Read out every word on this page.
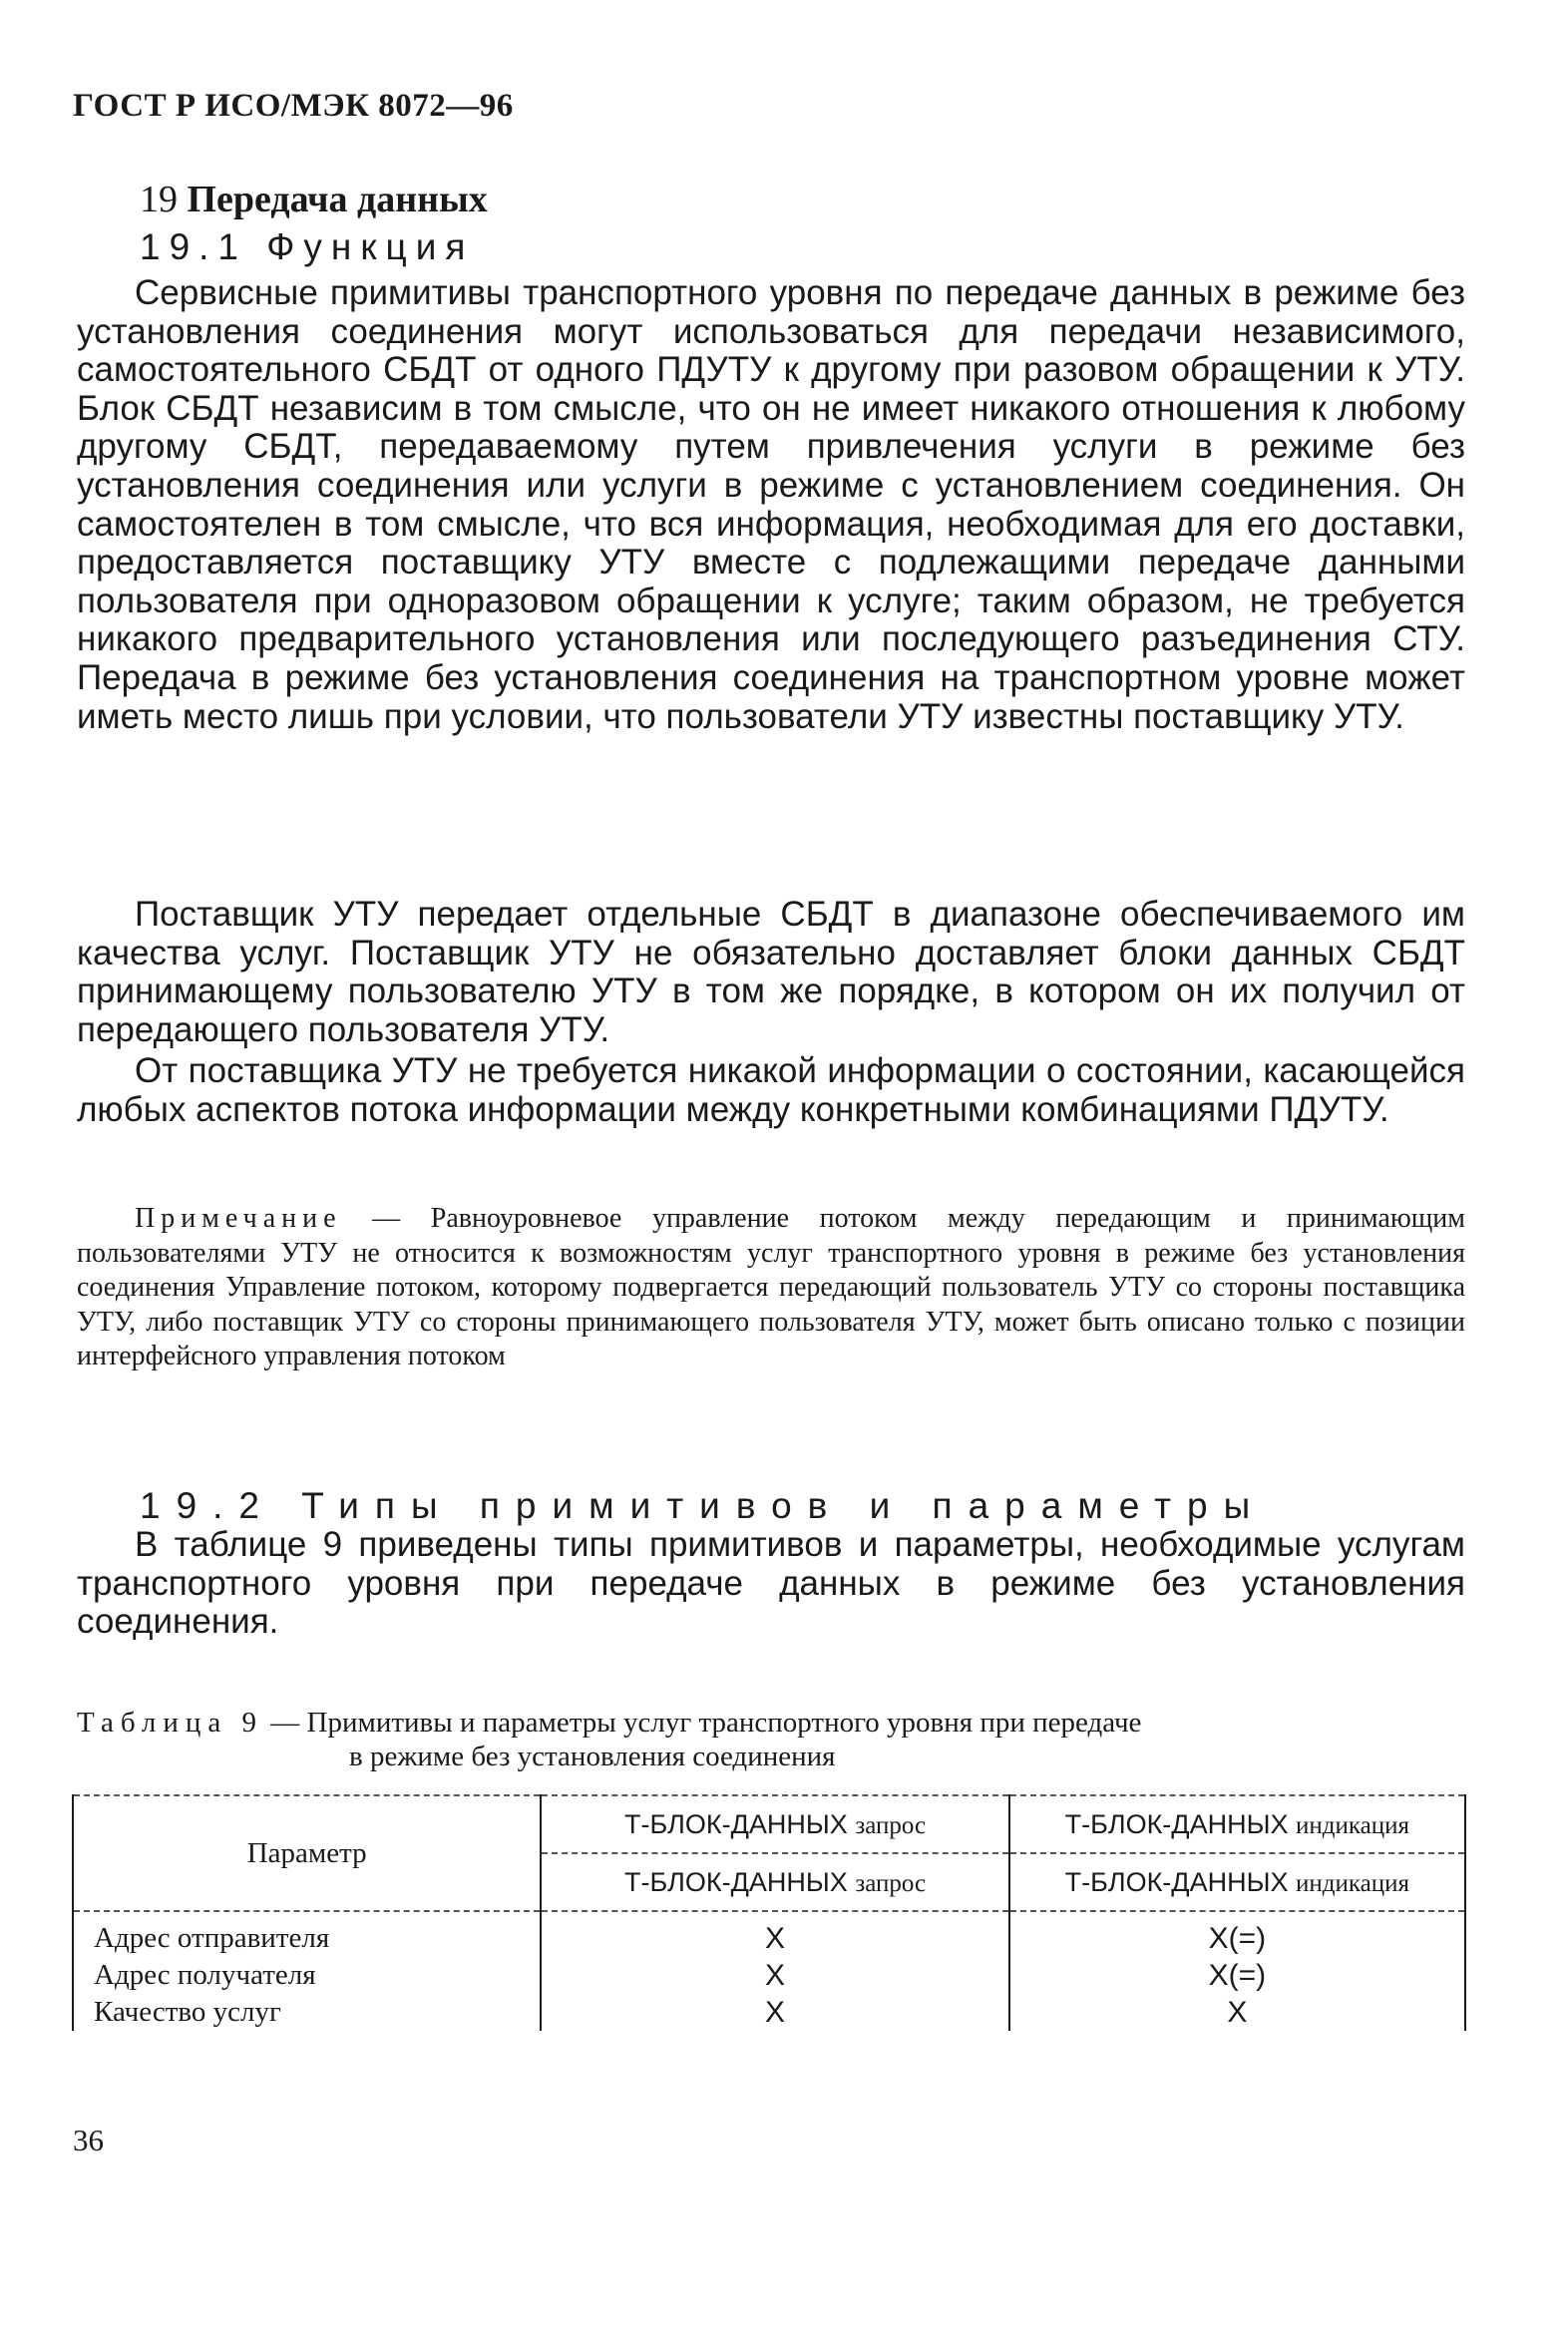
ГОСТ Р ИСО/МЭК 8072—96
19 Передача данных
19.1 Функция

Сервисные примитивы транспортного уровня по передаче данных в режиме без установления соединения могут использоваться для передачи независимого, самостоятельного СБДТ от одного ПДУТУ к другому при разовом обращении к УТУ. Блок СБДТ независим в том смысле, что он не имеет никакого отношения к любому другому СБДТ, передаваемому путем привлечения услуги в режиме без установления соединения или услуги в режиме с установлением соединения. Он самостоятелен в том смысле, что вся информация, необходимая для его доставки, предоставляется поставщику УТУ вместе с подлежащими передаче данными пользователя при одноразовом обращении к услуге; таким образом, не требуется никакого предварительного установления или последующего разъединения СТУ. Передача в режиме без установления соединения на транспортном уровне может иметь место лишь при условии, что пользователи УТУ известны поставщику УТУ.

Поставщик УТУ передает отдельные СБДТ в диапазоне обеспечиваемого им качества услуг. Поставщик УТУ не обязательно доставляет блоки данных СБДТ принимающему пользователю УТУ в том же порядке, в котором он их получил от передающего пользователя УТУ.

От поставщика УТУ не требуется никакой информации о состоянии, касающейся любых аспектов потока информации между конкретными комбинациями ПДУТУ.

Примечание — Равноуровневое управление потоком между передающим и принимающим пользователями УТУ не относится к возможностям услуг транспортного уровня в режиме без установления соединения Управление потоком, которому подвергается передающий пользователь УТУ со стороны поставщика УТУ, либо поставщик УТУ со стороны принимающего пользователя УТУ, может быть описано только с позиции интерфейсного управления потоком

19.2 Типы примитивов и параметры

В таблице 9 приведены типы примитивов и параметры, необходимые услугам транспортного уровня при передаче данных в режиме без установления соединения.

Таблица 9 — Примитивы и параметры услуг транспортного уровня при передаче
в режиме без установления соединения
Параметр	Т-БЛОК-ДАННЫХ запрос	Т-БЛОК-ДАННЫХ индикация
	Т-БЛОК-ДАННЫХ запрос	Т-БЛОК-ДАННЫХ индикация
Адрес отправителя	X	X(=)
Адрес получателя	X	X(=)
Качество услуг	X	X
36
